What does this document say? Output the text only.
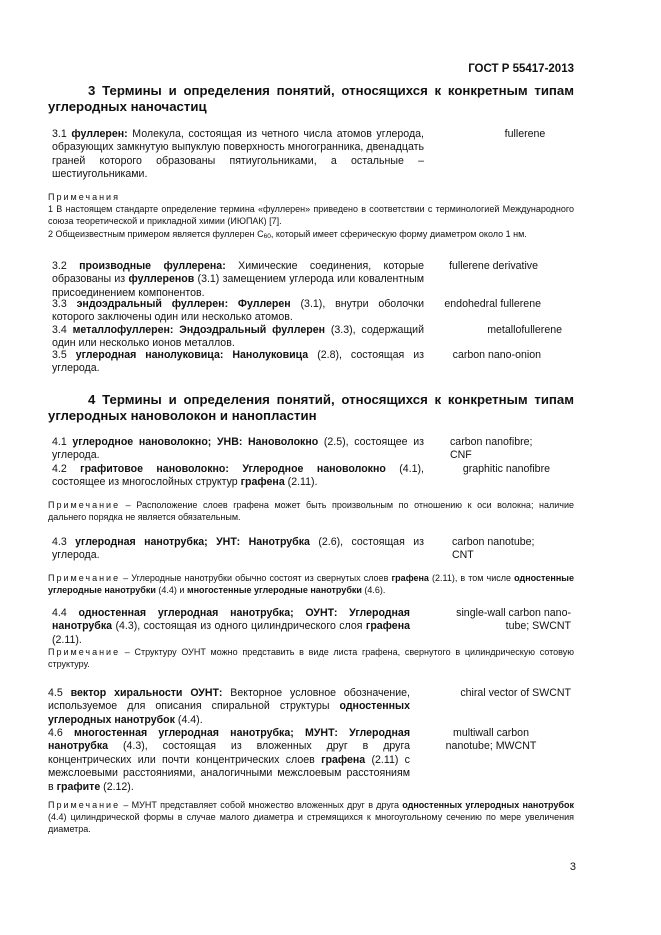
ГОСТ Р 55417-2013
3 Термины и определения понятий, относящихся к конкретным типам углеродных наночастиц
3.1 фуллерен: Молекула, состоящая из четного числа атомов углерода, образующих замкнутую выпуклую поверхность многогранника, двенадцать граней которого образованы пятиугольниками, а остальные – шестиугольниками.
fullerene
Примечания
1 В настоящем стандарте определение термина «фуллерен» приведено в соответствии с терминологией Международного союза теоретической и прикладной химии (ИЮПАК) [7].
2 Общеизвестным примером является фуллерен $С_{60}$, который имеет сферическую форму диаметром около 1 нм.
3.2 производные фуллерена: Химические соединения, которые образованы из фуллеренов (3.1) замещением углерода или ковалентным присоединением компонентов.
fullerene derivative
3.3 эндоэдральный фуллерен: Фуллерен (3.1), внутри оболочки которого заключены один или несколько атомов.
endohedral fullerene
3.4 металлофуллерен: Эндоэдральный фуллерен (3.3), содержащий один или несколько ионов металлов.
metallofullerene
3.5 углеродная нанолуковица: Нанолуковица (2.8), состоящая из углерода.
carbon nano-onion
4 Термины и определения понятий, относящихся к конкретным типам углеродных нановолокон и нанопластин
4.1 углеродное нановолокно; УНВ: Нановолокно (2.5), состоящее из углерода.
carbon nanofibre;
CNF
4.2 графитовое нановолокно: Углеродное нановолокно (4.1), состоящее из многослойных структур графена (2.11).
graphitic nanofibre
Примечание – Расположение слоев графена может быть произвольным по отношению к оси волокна; наличие дальнего порядка не является обязательным.
4.3 углеродная нанотрубка; УНТ: Нанотрубка (2.6), состоящая из углерода.
carbon nanotube;
CNT
Примечание – Углеродные нанотрубки обычно состоят из свернутых слоев графена (2.11), в том числе одностенные углеродные нанотрубки (4.4) и многостенные углеродные нанотрубки (4.6).
4.4 одностенная углеродная нанотрубка; ОУНТ: Углеродная нанотрубка (4.3), состоящая из одного цилиндрического слоя графена (2.11).
single-wall carbon nano-
tube; SWCNT
Примечание – Структуру ОУНТ можно представить в виде листа графена, свернутого в цилиндрическую сотовую структуру.
4.5 вектор хиральности ОУНТ: Векторное условное обозначение, используемое для описания спиральной структуры одностенных углеродных нанотрубок (4.4).
chiral vector of SWCNT
4.6 многостенная углеродная нанотрубка; МУНТ: Углеродная нанотрубка (4.3), состоящая из вложенных друг в друга концентрических или почти концентрических слоев графена (2.11) с межслоевыми расстояниями, аналогичными межслоевым расстояниям в графите (2.12).
multiwall carbon
nanotube; MWCNT
Примечание – МУНТ представляет собой множество вложенных друг в друга одностенных углеродных нанотрубок (4.4) цилиндрической формы в случае малого диаметра и стремящихся к многоугольному сечению по мере увеличения диаметра.
3
